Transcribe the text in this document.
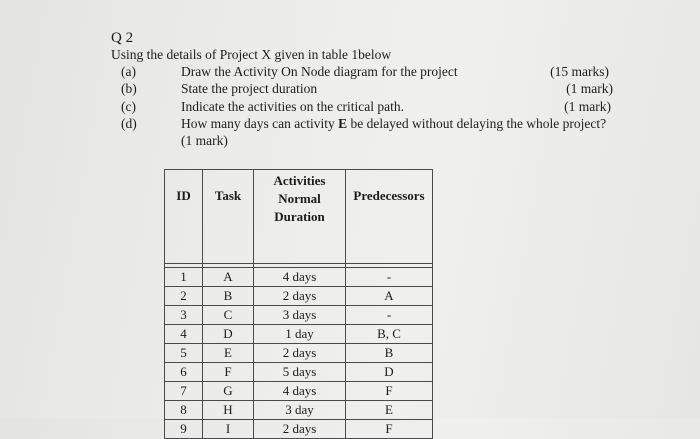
Q 2
Using the details of Project X given in table 1below
(a)	Draw the Activity On Node diagram for the project	(15 marks)
(b)	State the project duration	(1 mark)
(c)	Indicate the activities on the critical path.	(1 mark)
(d)	How many days can activity E be delayed without delaying the whole project?
(1 mark)
ID	Task	Activities
Normal
Duration	Predecessors

1	A	4 days	-
2	B	2 days	A
3	C	3 days	-
4	D	1 day	B, C
5	E	2 days	B
6	F	5 days	D
7	G	4 days	F
8	H	3 day	E
9	I	2 days	F
